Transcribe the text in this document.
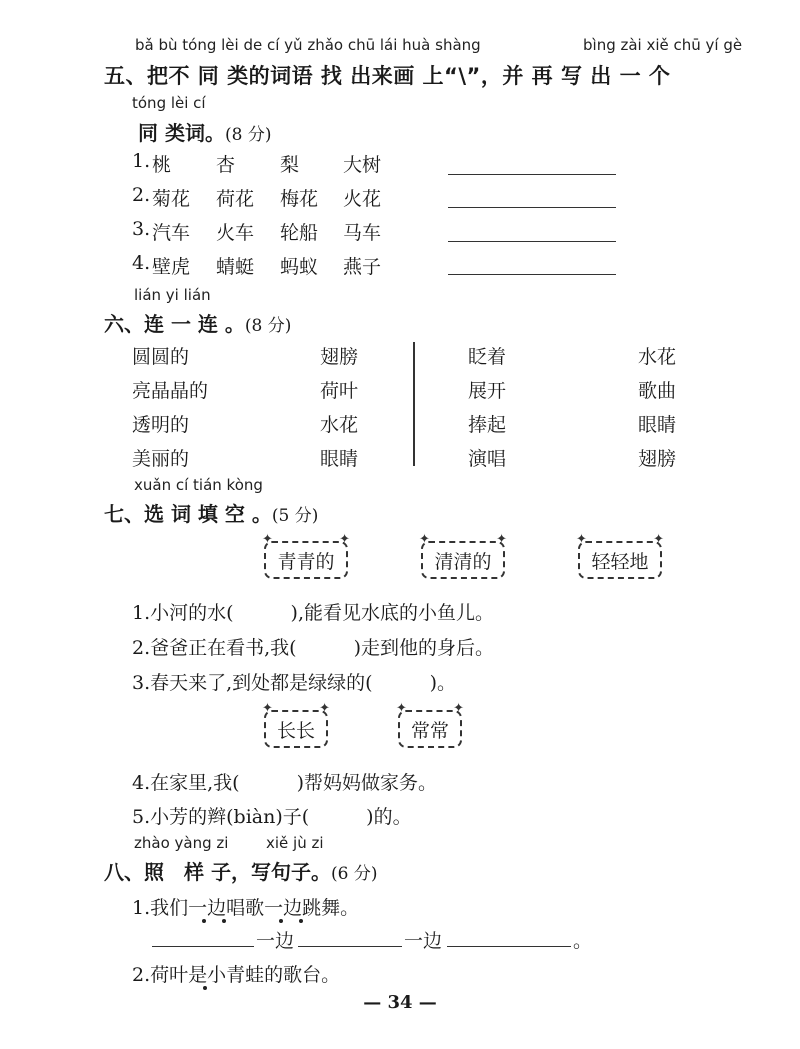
bǎ bù tóng lèi de cí yǔ zhǎo chū lái huà shàng	bìng zài xiě chū yí gè
五、把不 同 类的词语 找 出来画 上“\”，并 再 写 出 一 个
tóng lèi cí
同 类词。(8 分)
1. 桃 杏 梨 大树
2. 菊花 荷花 梅花 火花
3. 汽车 火车 轮船 马车
4. 壁虎 蜻蜓 蚂蚁 燕子
lián yi lián
六、连 一 连 。(8 分)
圆圆的	翅膀
亮晶晶的	荷叶
透明的	水花
美丽的	眼睛
眨着	水花
展开	歌曲
捧起	眼睛
演唱	翅膀
xuǎn cí tián kòng
七、选 词 填 空 。(5 分)
✦ 青青的 ✦	✦ 清清的 ✦	✦ 轻轻地 ✦
1.小河的水(　　　),能看见水底的小鱼儿。
2.爸爸正在看书,我(　　　)走到他的身后。
3.春天来了,到处都是绿绿的(　　　)。
✦ 长长 ✦	✦ 常常 ✦
4.在家里,我(　　　)帮妈妈做家务。
5.小芳的辫(biàn)子(　　　)的。
zhào yàng zi	xiě jù zi
八、照　样 子，写句子。(6 分)
1.我们一边唱歌一边跳舞。
一边	一边	。
2.荷叶是小青蛙的歌台。
— 34 —
